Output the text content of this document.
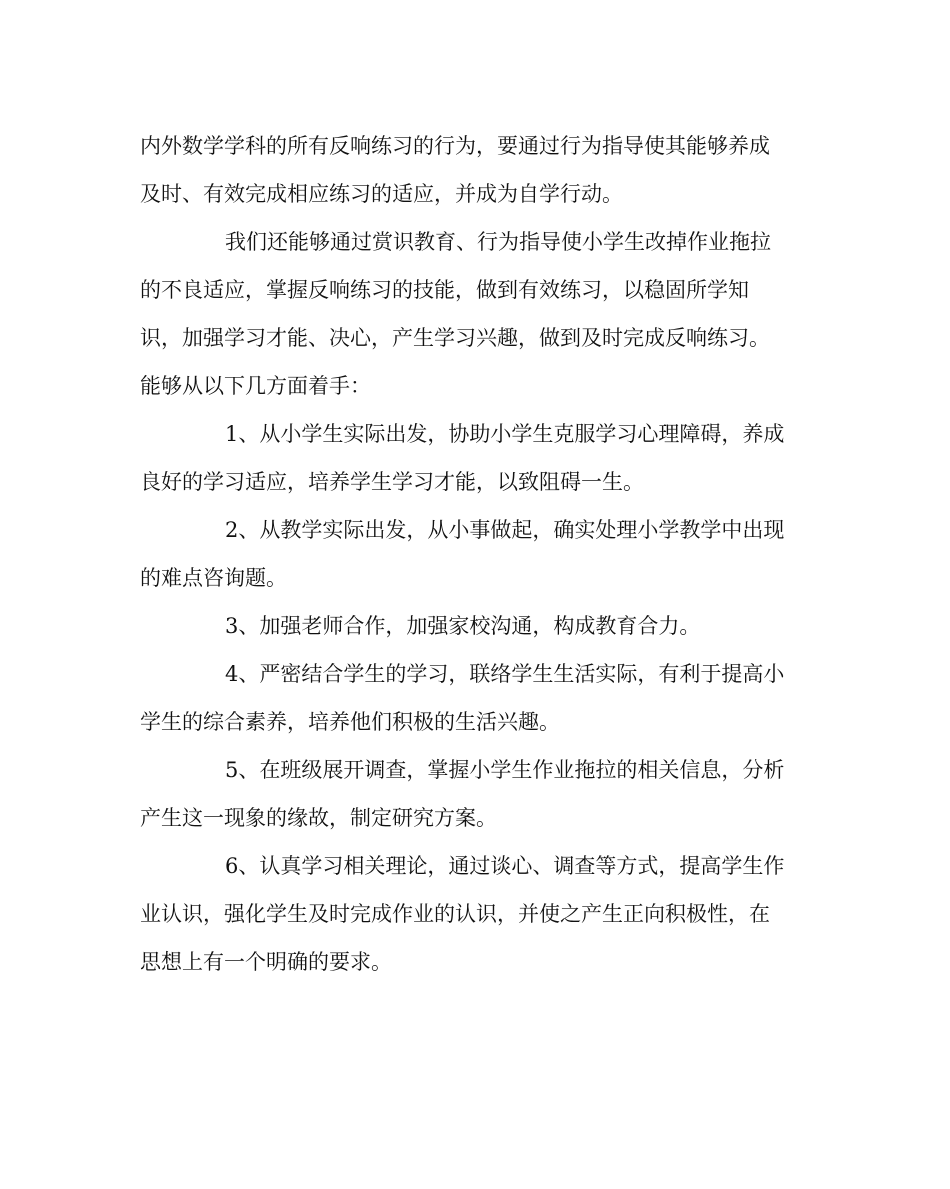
内外数学学科的所有反响练习的行为，要通过行为指导使其能够养成

及时、有效完成相应练习的适应，并成为自学行动。

我们还能够通过赏识教育、行为指导使小学生改掉作业拖拉

的不良适应，掌握反响练习的技能，做到有效练习，以稳固所学知

识，加强学习才能、决心，产生学习兴趣，做到及时完成反响练习。

能够从以下几方面着手：

1、从小学生实际出发，协助小学生克服学习心理障碍，养成

良好的学习适应，培养学生学习才能，以致阻碍一生。

2、从教学实际出发，从小事做起，确实处理小学教学中出现

的难点咨询题。

3、加强老师合作，加强家校沟通，构成教育合力。

4、严密结合学生的学习，联络学生生活实际，有利于提高小

学生的综合素养，培养他们积极的生活兴趣。

5、在班级展开调查，掌握小学生作业拖拉的相关信息，分析

产生这一现象的缘故，制定研究方案。

6、认真学习相关理论，通过谈心、调查等方式，提高学生作

业认识，强化学生及时完成作业的认识，并使之产生正向积极性，在

思想上有一个明确的要求。
